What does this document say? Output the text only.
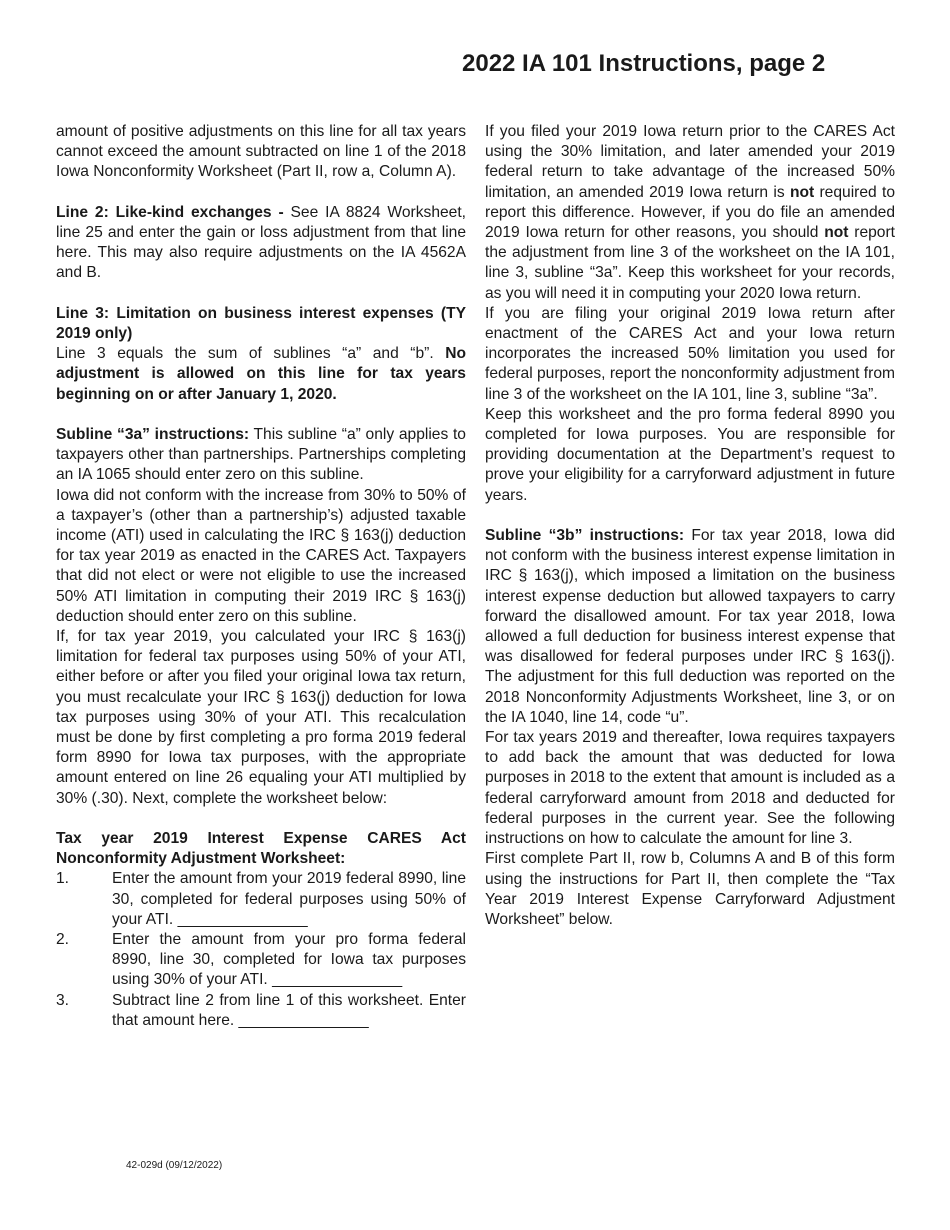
2022 IA 101 Instructions, page 2

amount of positive adjustments on this line for all tax years cannot exceed the amount subtracted on line 1 of the 2018 Iowa Nonconformity Worksheet (Part II, row a, Column A).

Line 2: Like-kind exchanges - See IA 8824 Worksheet, line 25 and enter the gain or loss adjustment from that line here. This may also require adjustments on the IA 4562A and B.

Line 3: Limitation on business interest expenses (TY 2019 only)

Line 3 equals the sum of sublines “a” and “b”. No adjustment is allowed on this line for tax years beginning on or after January 1, 2020.

Subline “3a” instructions: This subline “a” only applies to taxpayers other than partnerships. Partnerships completing an IA 1065 should enter zero on this subline.

Iowa did not conform with the increase from 30% to 50% of a taxpayer’s (other than a partnership’s) adjusted taxable income (ATI) used in calculating the IRC § 163(j) deduction for tax year 2019 as enacted in the CARES Act. Taxpayers that did not elect or were not eligible to use the increased 50% ATI limitation in computing their 2019 IRC § 163(j) deduction should enter zero on this subline.

If, for tax year 2019, you calculated your IRC § 163(j) limitation for federal tax purposes using 50% of your ATI, either before or after you filed your original Iowa tax return, you must recalculate your IRC § 163(j) deduction for Iowa tax purposes using 30% of your ATI. This recalculation must be done by first completing a pro forma 2019 federal form 8990 for Iowa tax purposes, with the appropriate amount entered on line 26 equaling your ATI multiplied by 30% (.30). Next, complete the worksheet below:

Tax year 2019 Interest Expense CARES Act Nonconformity Adjustment Worksheet:

1.	Enter the amount from your 2019 federal 8990, line 30, completed for federal purposes using 50% of your ATI. _______________
2.	Enter the amount from your pro forma federal 8990, line 30, completed for Iowa tax purposes using 30% of your ATI. _______________
3.	Subtract line 2 from line 1 of this worksheet. Enter that amount here. _______________

If you filed your 2019 Iowa return prior to the CARES Act using the 30% limitation, and later amended your 2019 federal return to take advantage of the increased 50% limitation, an amended 2019 Iowa return is not required to report this difference. However, if you do file an amended 2019 Iowa return for other reasons, you should not report the adjustment from line 3 of the worksheet on the IA 101, line 3, subline “3a”. Keep this worksheet for your records, as you will need it in computing your 2020 Iowa return.

If you are filing your original 2019 Iowa return after enactment of the CARES Act and your Iowa return incorporates the increased 50% limitation you used for federal purposes, report the nonconformity adjustment from line 3 of the worksheet on the IA 101, line 3, subline “3a”.

Keep this worksheet and the pro forma federal 8990 you completed for Iowa purposes. You are responsible for providing documentation at the Department’s request to prove your eligibility for a carryforward adjustment in future years.

Subline “3b” instructions: For tax year 2018, Iowa did not conform with the business interest expense limitation in IRC § 163(j), which imposed a limitation on the business interest expense deduction but allowed taxpayers to carry forward the disallowed amount. For tax year 2018, Iowa allowed a full deduction for business interest expense that was disallowed for federal purposes under IRC § 163(j). The adjustment for this full deduction was reported on the 2018 Nonconformity Adjustments Worksheet, line 3, or on the IA 1040, line 14, code “u”.

For tax years 2019 and thereafter, Iowa requires taxpayers to add back the amount that was deducted for Iowa purposes in 2018 to the extent that amount is included as a federal carryforward amount from 2018 and deducted for federal purposes in the current year. See the following instructions on how to calculate the amount for line 3.

First complete Part II, row b, Columns A and B of this form using the instructions for Part II, then complete the “Tax Year 2019 Interest Expense Carryforward Adjustment Worksheet” below.

42-029d (09/12/2022)
